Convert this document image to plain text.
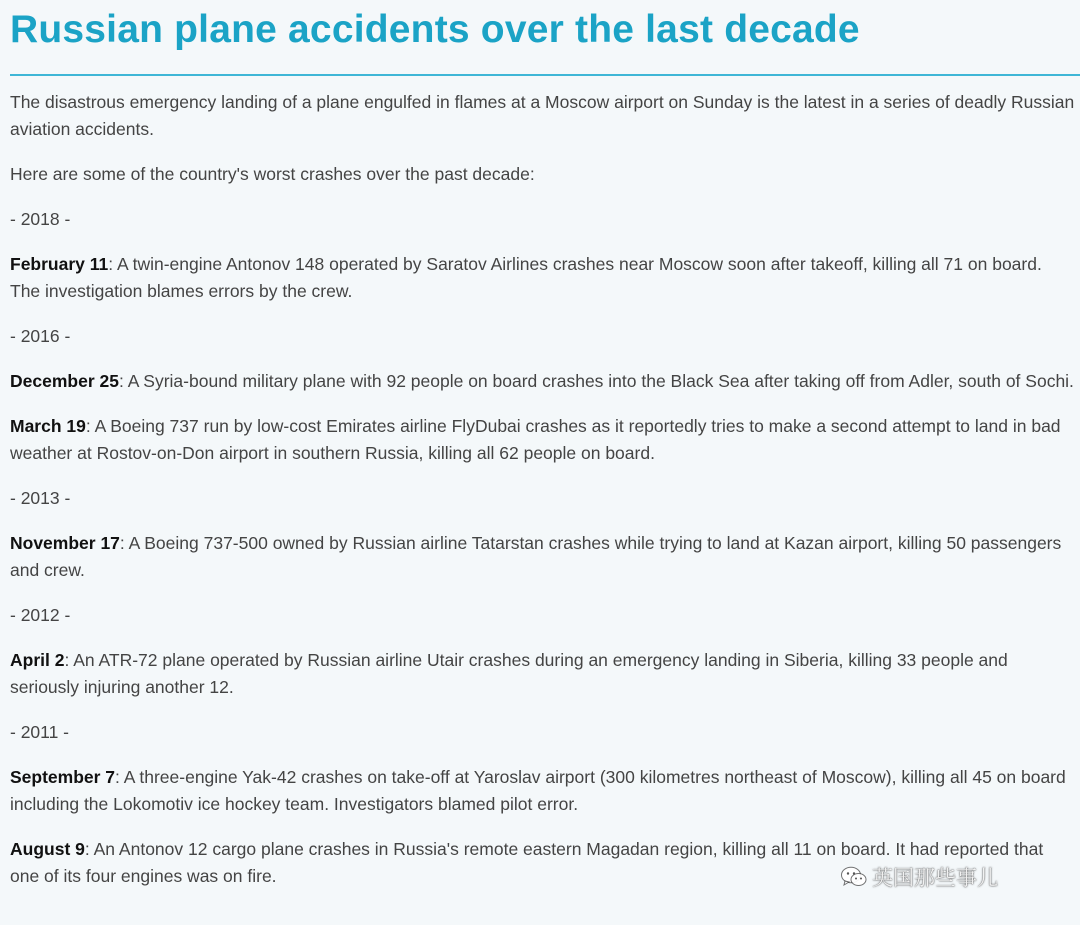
Russian plane accidents over the last decade

The disastrous emergency landing of a plane engulfed in flames at a Moscow airport on Sunday is the latest in a series of deadly Russian aviation accidents.

Here are some of the country's worst crashes over the past decade:

- 2018 -

February 11: A twin-engine Antonov 148 operated by Saratov Airlines crashes near Moscow soon after takeoff, killing all 71 on board. The investigation blames errors by the crew.

- 2016 -

December 25: A Syria-bound military plane with 92 people on board crashes into the Black Sea after taking off from Adler, south of Sochi.

March 19: A Boeing 737 run by low-cost Emirates airline FlyDubai crashes as it reportedly tries to make a second attempt to land in bad weather at Rostov-on-Don airport in southern Russia, killing all 62 people on board.

- 2013 -

November 17: A Boeing 737-500 owned by Russian airline Tatarstan crashes while trying to land at Kazan airport, killing 50 passengers and crew.

- 2012 -

April 2: An ATR-72 plane operated by Russian airline Utair crashes during an emergency landing in Siberia, killing 33 people and seriously injuring another 12.

- 2011 -

September 7: A three-engine Yak-42 crashes on take-off at Yaroslav airport (300 kilometres northeast of Moscow), killing all 45 on board including the Lokomotiv ice hockey team. Investigators blamed pilot error.

August 9: An Antonov 12 cargo plane crashes in Russia's remote eastern Magadan region, killing all 11 on board. It had reported that one of its four engines was on fire.	英国那些事儿
